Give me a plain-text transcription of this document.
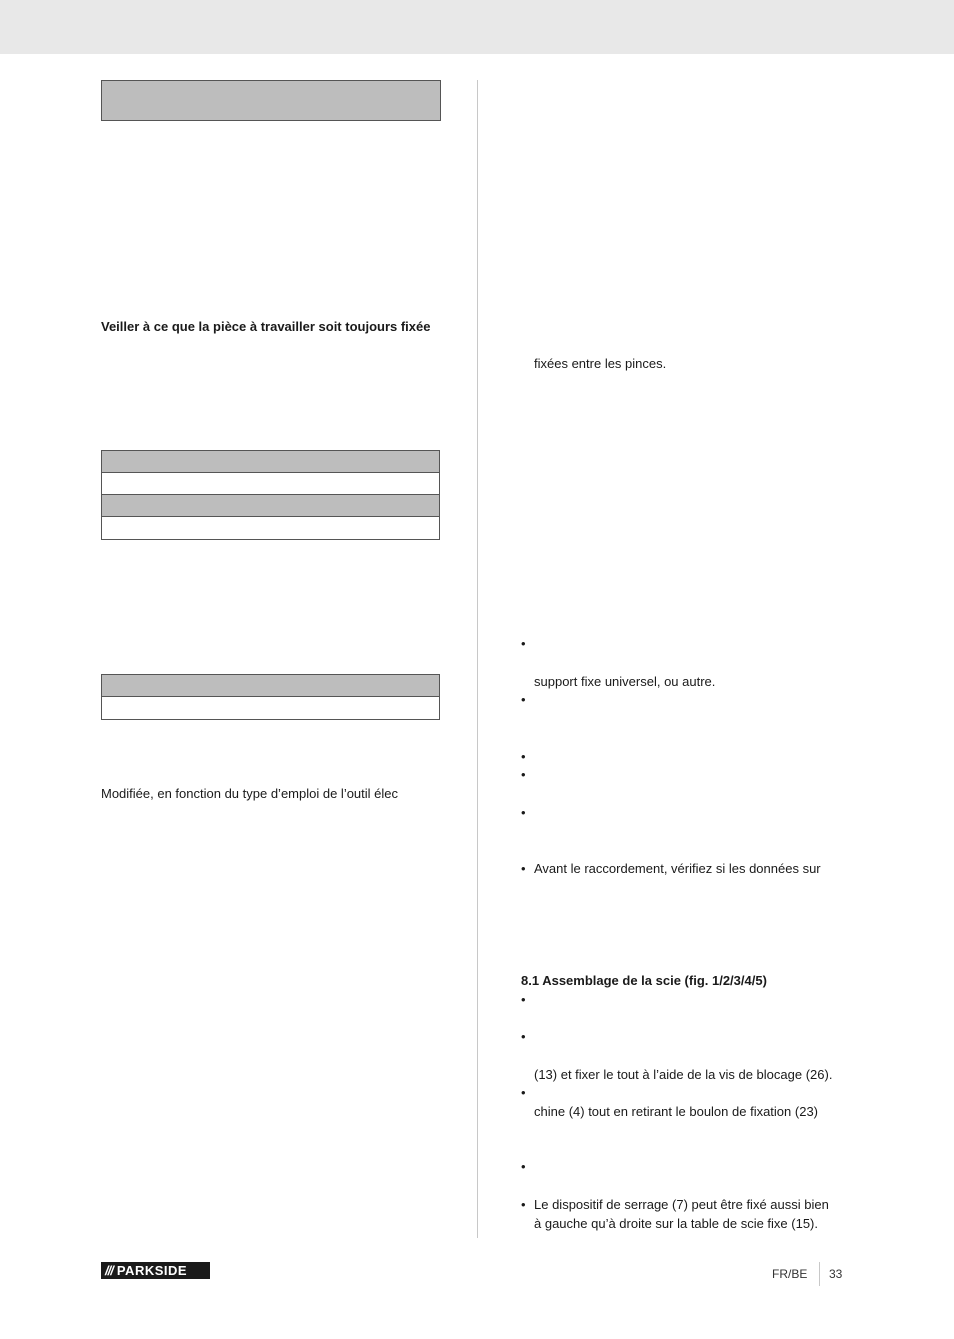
Veiller à ce que la pièce à travailler soit toujours fixée
Modifiée, en fonction du type d’emploi de l’outil élec
fixées entre les pinces.
•
support fixe universel, ou autre.
•
•
•
•
• Avant le raccordement, vérifiez si les données sur
8.1 Assemblage de la scie (fig. 1/2/3/4/5)
•
•
(13) et fixer le tout à l’aide de la vis de blocage (26).
•
chine (4) tout en retirant le boulon de fixation (23)
•
• Le dispositif de serrage (7) peut être fixé aussi bien
à gauche qu’à droite sur la table de scie fixe (15).
/// PARKSIDE	FR/BE 33
